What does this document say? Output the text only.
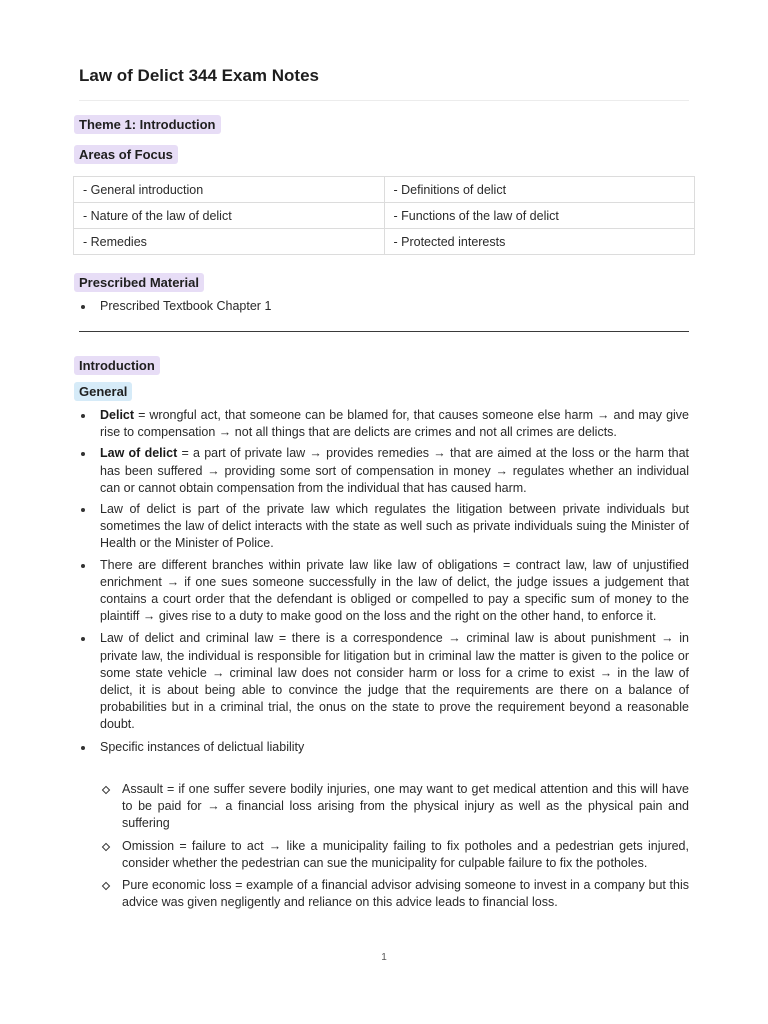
Law of Delict 344 Exam Notes
Theme 1: Introduction
Areas of Focus
- General introduction	- Definitions of delict
- Nature of the law of delict	- Functions of the law of delict
- Remedies	- Protected interests
Prescribed Material
Prescribed Textbook Chapter 1
Introduction
General
Delict = wrongful act, that someone can be blamed for, that causes someone else harm → and may give rise to compensation → not all things that are delicts are crimes and not all crimes are delicts.
Law of delict = a part of private law → provides remedies → that are aimed at the loss or the harm that has been suffered → providing some sort of compensation in money → regulates whether an individual can or cannot obtain compensation from the individual that has caused harm.
Law of delict is part of the private law which regulates the litigation between private individuals but sometimes the law of delict interacts with the state as well such as private individuals suing the Minister of Health or the Minister of Police.
There are different branches within private law like law of obligations = contract law, law of unjustified enrichment → if one sues someone successfully in the law of delict, the judge issues a judgement that contains a court order that the defendant is obliged or compelled to pay a specific sum of money to the plaintiff → gives rise to a duty to make good on the loss and the right on the other hand, to enforce it.
Law of delict and criminal law = there is a correspondence → criminal law is about punishment → in private law, the individual is responsible for litigation but in criminal law the matter is given to the police or some state vehicle → criminal law does not consider harm or loss for a crime to exist → in the law of delict, it is about being able to convince the judge that the requirements are there on a balance of probabilities but in a criminal trial, the onus on the state to prove the requirement beyond a reasonable doubt.
Specific instances of delictual liability
Assault = if one suffer severe bodily injuries, one may want to get medical attention and this will have to be paid for → a financial loss arising from the physical injury as well as the physical pain and suffering
Omission = failure to act → like a municipality failing to fix potholes and a pedestrian gets injured, consider whether the pedestrian can sue the municipality for culpable failure to fix the potholes.
Pure economic loss = example of a financial advisor advising someone to invest in a company but this advice was given negligently and reliance on this advice leads to financial loss.
1
